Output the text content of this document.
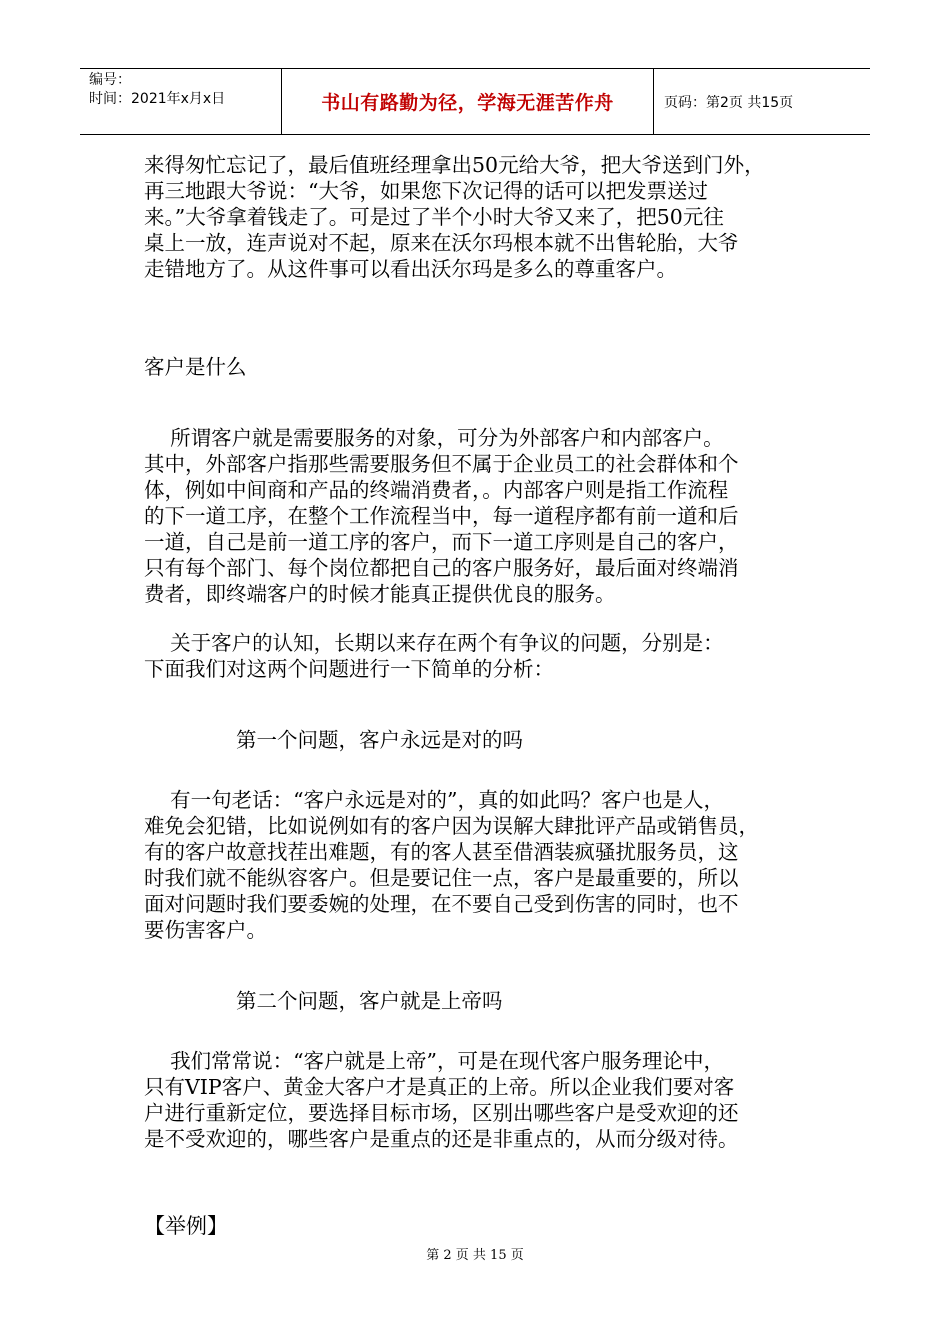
编号：
时间：2021年x月x日	书山有路勤为径，学海无涯苦作舟	页码：第2页 共15页

来得匆忙忘记了，最后值班经理拿出50元给大爷，把大爷送到门外，

再三地跟大爷说：“大爷，如果您下次记得的话可以把发票送过

来。”大爷拿着钱走了。可是过了半个小时大爷又来了，把50元往

桌上一放，连声说对不起，原来在沃尔玛根本就不出售轮胎，大爷

走错地方了。从这件事可以看出沃尔玛是多么的尊重客户。

客户是什么

所谓客户就是需要服务的对象，可分为外部客户和内部客户。

其中，外部客户指那些需要服务但不属于企业员工的社会群体和个

体，例如中间商和产品的终端消费者，。内部客户则是指工作流程

的下一道工序，在整个工作流程当中，每一道程序都有前一道和后

一道，自己是前一道工序的客户，而下一道工序则是自己的客户，

只有每个部门、每个岗位都把自己的客户服务好，最后面对终端消

费者，即终端客户的时候才能真正提供优良的服务。

关于客户的认知，长期以来存在两个有争议的问题，分别是：

下面我们对这两个问题进行一下简单的分析：

第一个问题，客户永远是对的吗

有一句老话：“客户永远是对的”，真的如此吗？客户也是人，

难免会犯错，比如说例如有的客户因为误解大肆批评产品或销售员，

有的客户故意找茬出难题，有的客人甚至借酒装疯骚扰服务员，这

时我们就不能纵容客户。但是要记住一点，客户是最重要的，所以

面对问题时我们要委婉的处理，在不要自己受到伤害的同时，也不

要伤害客户。

第二个问题，客户就是上帝吗

我们常常说：“客户就是上帝”，可是在现代客户服务理论中，

只有VIP客户、黄金大客户才是真正的上帝。所以企业我们要对客

户进行重新定位，要选择目标市场，区别出哪些客户是受欢迎的还

是不受欢迎的，哪些客户是重点的还是非重点的，从而分级对待。

【举例】

第 2 页 共 15 页
